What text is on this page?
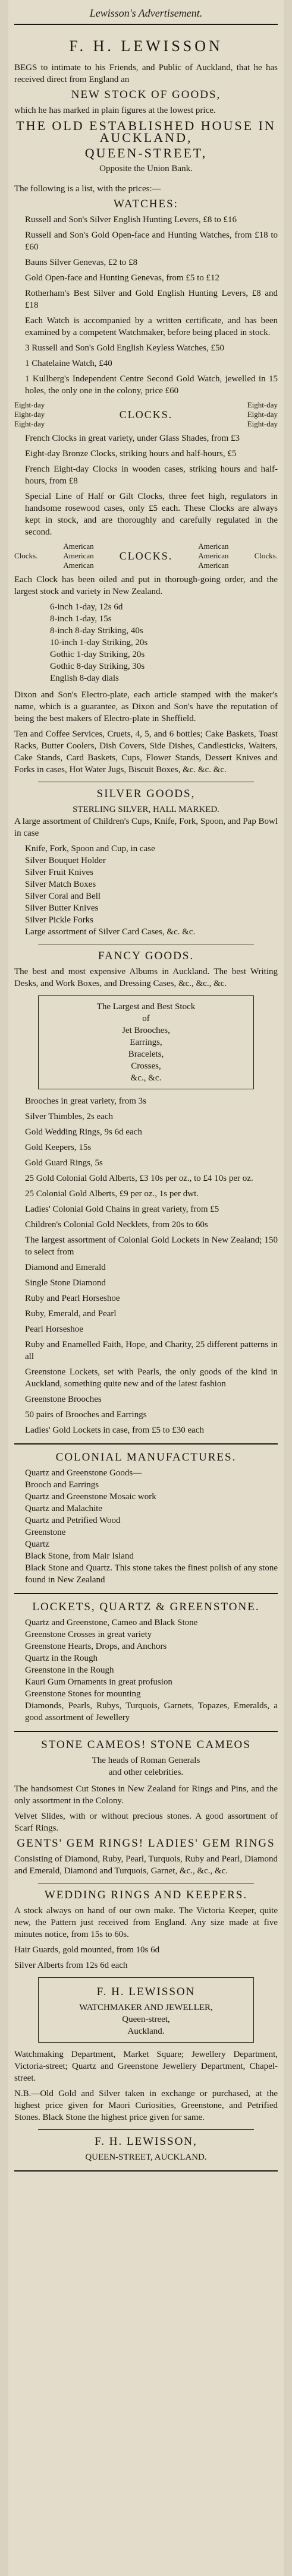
Lewisson's Advertisement.
F. H. LEWISSON

BEGS to intimate to his Friends, and Public of Auckland, that he has received direct from England an

NEW STOCK OF GOODS,

which he has marked in plain figures at the lowest price.

THE OLD ESTABLISHED HOUSE IN AUCKLAND,
QUEEN-STREET,
Opposite the Union Bank.

The following is a list, with the prices:—

WATCHES:

Russell and Son's Silver English Hunting Levers, £8 to £16

Russell and Son's Gold Open-face and Hunting Watches, from £18 to £60

Bauns Silver Genevas, £2 to £8

Gold Open-face and Hunting Genevas, from £5 to £12

Rotherham's Best Silver and Gold English Hunting Levers, £8 and £18

Each Watch is accompanied by a written certificate, and has been examined by a competent Watchmaker, before being placed in stock.

3 Russell and Son's Gold English Keyless Watches, £50

1 Chatelaine Watch, £40

1 Kullberg's Independent Centre Second Gold Watch, jewelled in 15 holes, the only one in the colony, price £60

Eight-day
Eight-day
Eight-day
CLOCKS.
Eight-day
Eight-day
Eight-day

French Clocks in great variety, under Glass Shades, from £3

Eight-day Bronze Clocks, striking hours and half-hours, £5

French Eight-day Clocks in wooden cases, striking hours and half-hours, from £8

Special Line of Half or Gilt Clocks, three feet high, regulators in handsome rosewood cases, only £5 each. These Clocks are always kept in stock, and are thoroughly and carefully regulated in the second.

Clocks.
American
American
American
CLOCKS.
American
American
American
Clocks.

Each Clock has been oiled and put in thorough-going order, and the largest stock and variety in New Zealand.

6-inch 1-day, 12s 6d
8-inch 1-day, 15s
8-inch 8-day Striking, 40s
10-inch 1-day Striking, 20s
Gothic 1-day Striking, 20s
Gothic 8-day Striking, 30s
English 8-day dials

Dixon and Son's Electro-plate, each article stamped with the maker's name, which is a guarantee, as Dixon and Son's have the reputation of being the best makers of Electro-plate in Sheffield.

Ten and Coffee Services, Cruets, 4, 5, and 6 bottles; Cake Baskets, Toast Racks, Butter Coolers, Dish Covers, Side Dishes, Candlesticks, Waiters, Cake Stands, Card Baskets, Cups, Flower Stands, Dessert Knives and Forks in cases, Hot Water Jugs, Biscuit Boxes, &c. &c. &c.

SILVER GOODS,
STERLING SILVER, HALL MARKED.

A large assortment of Children's Cups, Knife, Fork, Spoon, and Pap Bowl in case

Knife, Fork, Spoon and Cup, in case
Silver Bouquet Holder
Silver Fruit Knives
Silver Match Boxes
Silver Coral and Bell
Silver Butter Knives
Silver Pickle Forks
Large assortment of Silver Card Cases, &c. &c.
FANCY GOODS.

The best and most expensive Albums in Auckland. The best Writing Desks, and Work Boxes, and Dressing Cases, &c., &c., &c.

The Largest and Best Stock
of
Jet Brooches,
Earrings,
Bracelets,
Crosses,
&c., &c.

Brooches in great variety, from 3s

Silver Thimbles, 2s each

Gold Wedding Rings, 9s 6d each

Gold Keepers, 15s

Gold Guard Rings, 5s

25 Gold Colonial Gold Alberts, £3 10s per oz., to £4 10s per oz.

25 Colonial Gold Alberts, £9 per oz., 1s per dwt.

Ladies' Colonial Gold Chains in great variety, from £5

Children's Colonial Gold Necklets, from 20s to 60s

The largest assortment of Colonial Gold Lockets in New Zealand; 150 to select from

Diamond and Emerald

Single Stone Diamond

Ruby and Pearl Horseshoe

Ruby, Emerald, and Pearl

Pearl Horseshoe

Ruby and Enamelled Faith, Hope, and Charity, 25 different patterns in all

Greenstone Lockets, set with Pearls, the only goods of the kind in Auckland, something quite new and of the latest fashion

Greenstone Brooches

50 pairs of Brooches and Earrings

Ladies' Gold Lockets in case, from £5 to £30 each

COLONIAL MANUFACTURES.
Quartz and Greenstone Goods—
Brooch and Earrings
Quartz and Greenstone Mosaic work
Quartz and Malachite
Quartz and Petrified Wood
Greenstone
Quartz
Black Stone, from Mair Island

Black Stone and Quartz. This stone takes the finest polish of any stone found in New Zealand

LOCKETS, QUARTZ & GREENSTONE.
Quartz and Greenstone, Cameo and Black Stone
Greenstone Crosses in great variety
Greenstone Hearts, Drops, and Anchors
Quartz in the Rough
Greenstone in the Rough
Kauri Gum Ornaments in great profusion
Greenstone Stones for mounting

Diamonds, Pearls, Rubys, Turquois, Garnets, Topazes, Emeralds, a good assortment of Jewellery

STONE CAMEOS! STONE CAMEOS
The heads of Roman Generals
and other celebrities.

The handsomest Cut Stones in New Zealand for Rings and Pins, and the only assortment in the Colony.

Velvet Slides, with or without precious stones. A good assortment of Scarf Rings.

GENTS' GEM RINGS! LADIES' GEM RINGS

Consisting of Diamond, Ruby, Pearl, Turquois, Ruby and Pearl, Diamond and Emerald, Diamond and Turquois, Garnet, &c., &c., &c.

WEDDING RINGS AND KEEPERS.

A stock always on hand of our own make. The Victoria Keeper, quite new, the Pattern just received from England. Any size made at five minutes notice, from 15s to 60s.

Hair Guards, gold mounted, from 10s 6d

Silver Alberts from 12s 6d each

F. H. LEWISSON
WATCHMAKER AND JEWELLER,
Queen-street,
Auckland.

Watchmaking Department, Market Square; Jewellery Department, Victoria-street; Quartz and Greenstone Jewellery Department, Chapel-street.

N.B.—Old Gold and Silver taken in exchange or purchased, at the highest price given for Maori Curiosities, Greenstone, and Petrified Stones. Black Stone the highest price given for same.

F. H. LEWISSON,
QUEEN-STREET, AUCKLAND.
